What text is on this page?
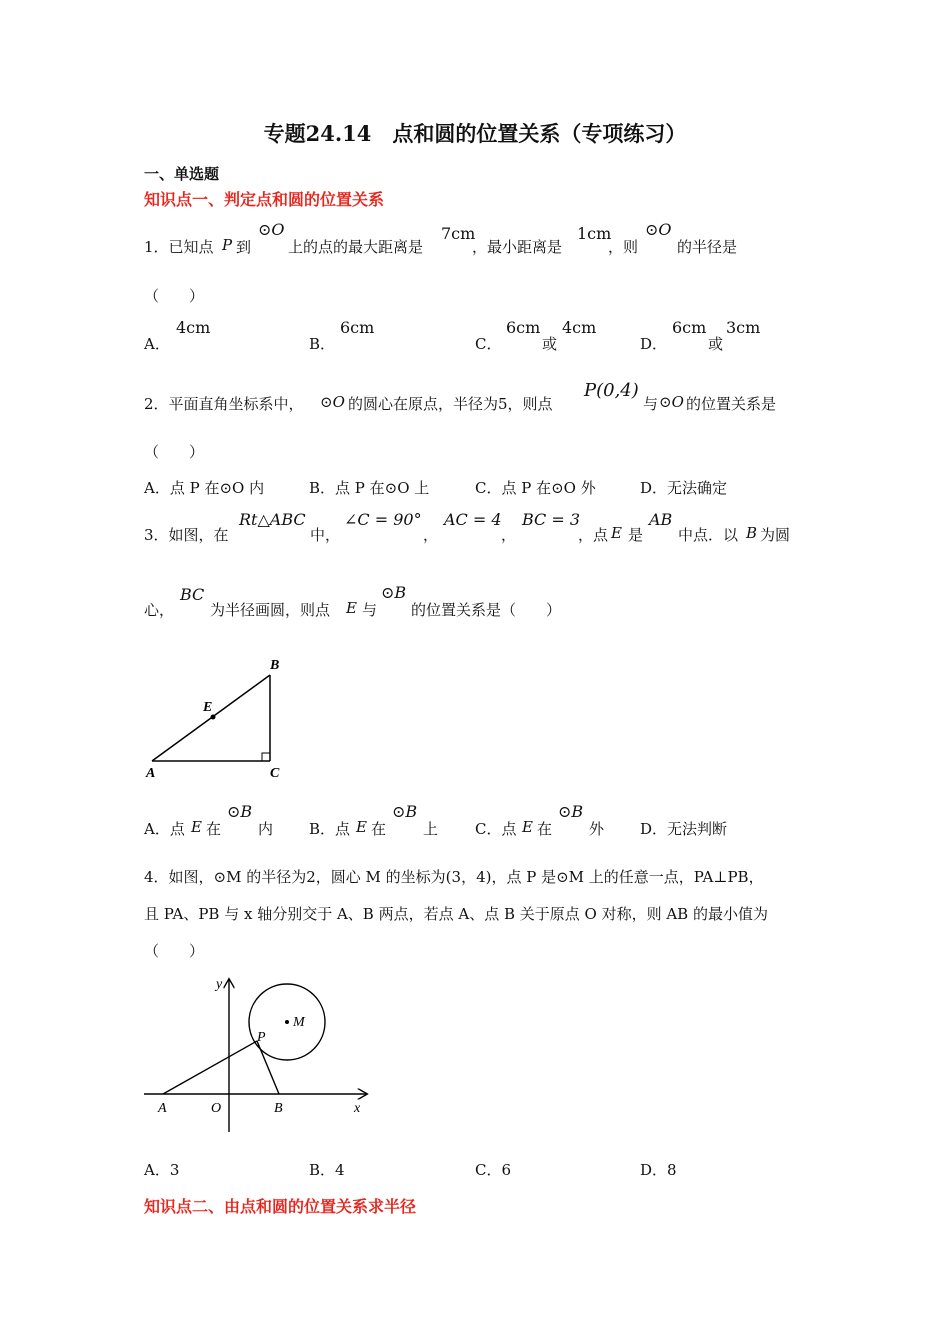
专题24.14　点和圆的位置关系（专项练习）
一、单选题
知识点一、判定点和圆的位置关系
1．已知点 P 到
⊙O
上的点的最大距离是
7cm
，最小距离是
1cm
，则
⊙O
的半径是
（　　）
A．
4cm
B．
6cm
C．
6cm
或
4cm
D．
6cm
或
3cm
2．平面直角坐标系中， ⊙O 的圆心在原点，半径为5，则点
P(0,4)
与 ⊙O 的位置关系是
（　　）
A．点 P 在⊙O 内	B．点 P 在⊙O 上	C．点 P 在⊙O 外	D．无法确定
3．如图，在
Rt△ABC
中，
∠C = 90°
，
AC = 4
，
BC = 3
，点 E 是
AB
中点．以 B 为圆
心，
BC
为半径画圆，则点 E 与
⊙B
的位置关系是（　　）
B
E
A	C
A．点 E 在
⊙B
内 B．点 E 在
⊙B
上 C．点 E 在
⊙B
外 D．无法判断
4．如图，⊙M 的半径为2，圆心 M 的坐标为(3，4)，点 P 是⊙M 上的任意一点，PA⊥PB，
且 PA、PB 与 x 轴分别交于 A、B 两点，若点 A、点 B 关于原点 O 对称，则 AB 的最小值为
（　　）
y
x
M
P
A	O	B
A．3	B．4	C．6	D．8
知识点二、由点和圆的位置关系求半径
